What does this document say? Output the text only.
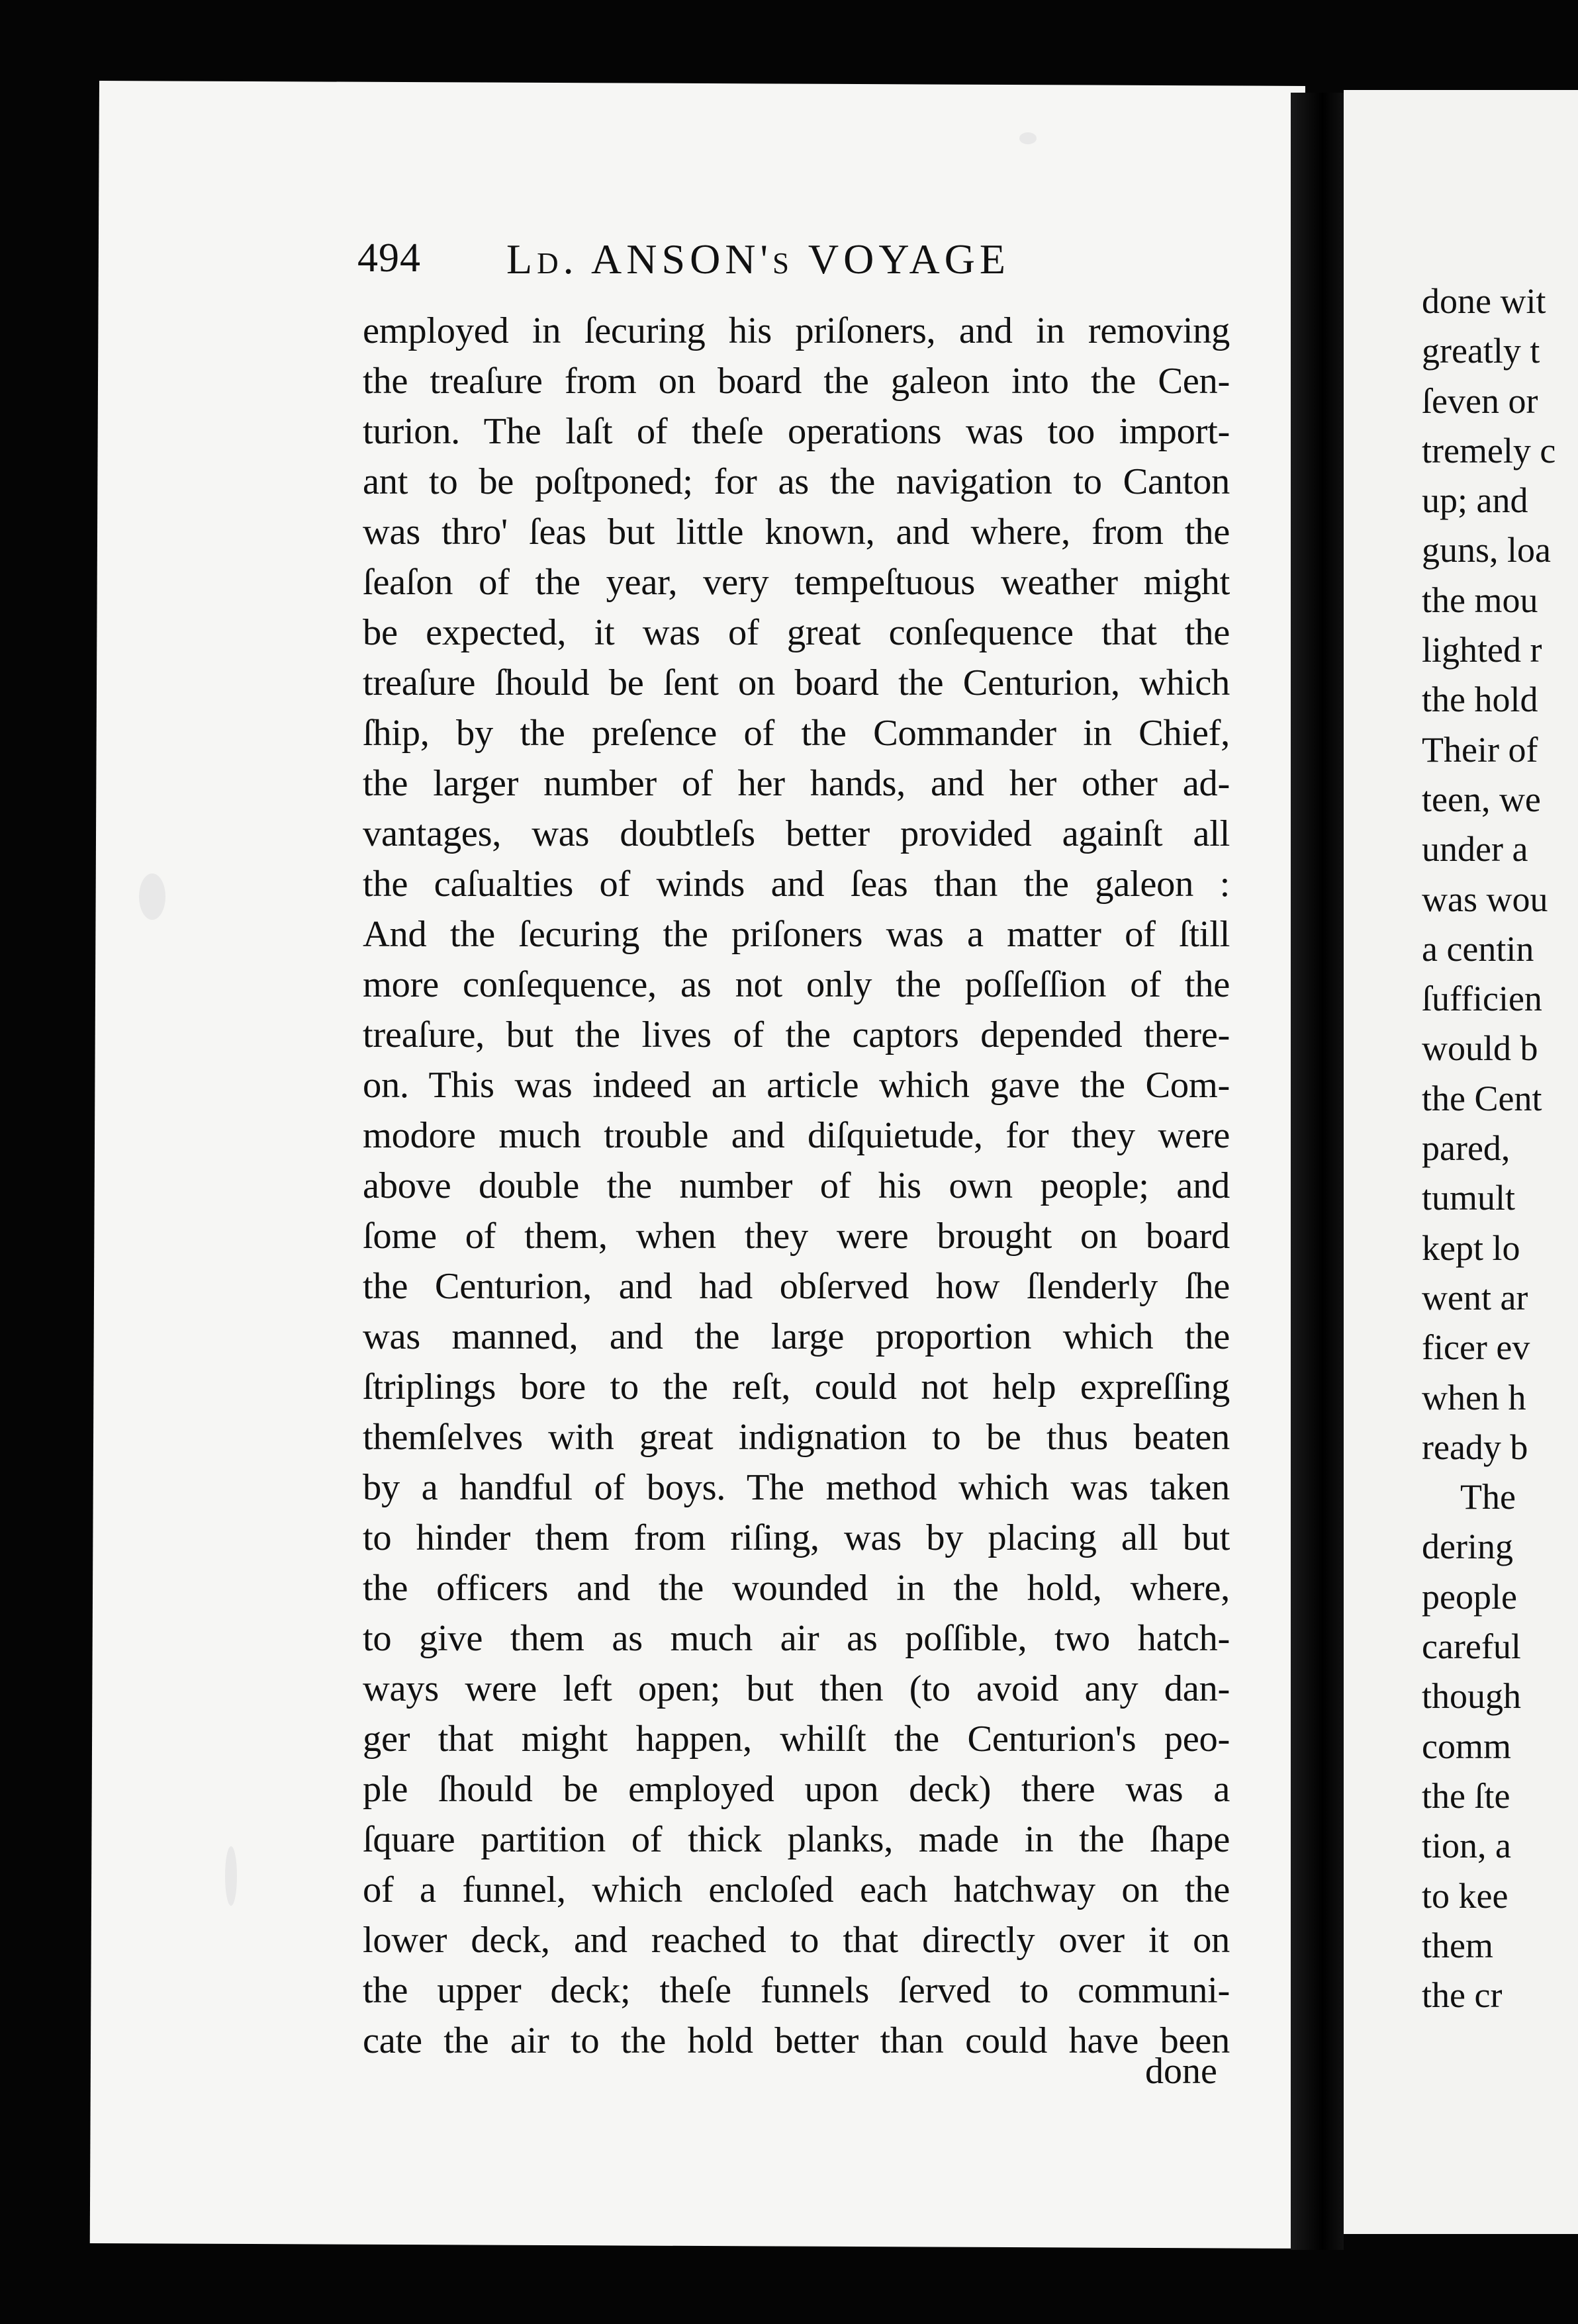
494 Ld. ANSON's VOYAGE
employed in ſecuring his priſoners, and in removing
the treaſure from on board the galeon into the Cen-
turion. The laſt of theſe operations was too import-
ant to be poſtponed; for as the navigation to Canton
was thro' ſeas but little known, and where, from the
ſeaſon of the year, very tempeſtuous weather might
be expected, it was of great conſequence that the
treaſure ſhould be ſent on board the Centurion, which
ſhip, by the preſence of the Commander in Chief,
the larger number of her hands, and her other ad-
vantages, was doubtleſs better provided againſt all
the caſualties of winds and ſeas than the galeon :
And the ſecuring the priſoners was a matter of ſtill
more conſequence, as not only the poſſeſſion of the
treaſure, but the lives of the captors depended there-
on. This was indeed an article which gave the Com-
modore much trouble and diſquietude, for they were
above double the number of his own people; and
ſome of them, when they were brought on board
the Centurion, and had obſerved how ſlenderly ſhe
was manned, and the large proportion which the
ſtriplings bore to the reſt, could not help expreſſing
themſelves with great indignation to be thus beaten
by a handful of boys. The method which was taken
to hinder them from riſing, was by placing all but
the officers and the wounded in the hold, where,
to give them as much air as poſſible, two hatch-
ways were left open; but then (to avoid any dan-
ger that might happen, whilſt the Centurion's peo-
ple ſhould be employed upon deck) there was a
ſquare partition of thick planks, made in the ſhape
of a funnel, which encloſed each hatchway on the
lower deck, and reached to that directly over it on
the upper deck; theſe funnels ſerved to communi-
cate the air to the hold better than could have been
done
done wit
greatly t
ſeven or
tremely c
up; and
guns, loa
the mou
lighted r
the hold
Their of
teen, we
under a
was wou
a centin
ſufficien
would b
the Cent
pared,
tumult
kept lo
went ar
ficer ev
when h
ready b
The
dering
people
careful
though
comm
the ſte
tion, a
to kee
them
the cr
